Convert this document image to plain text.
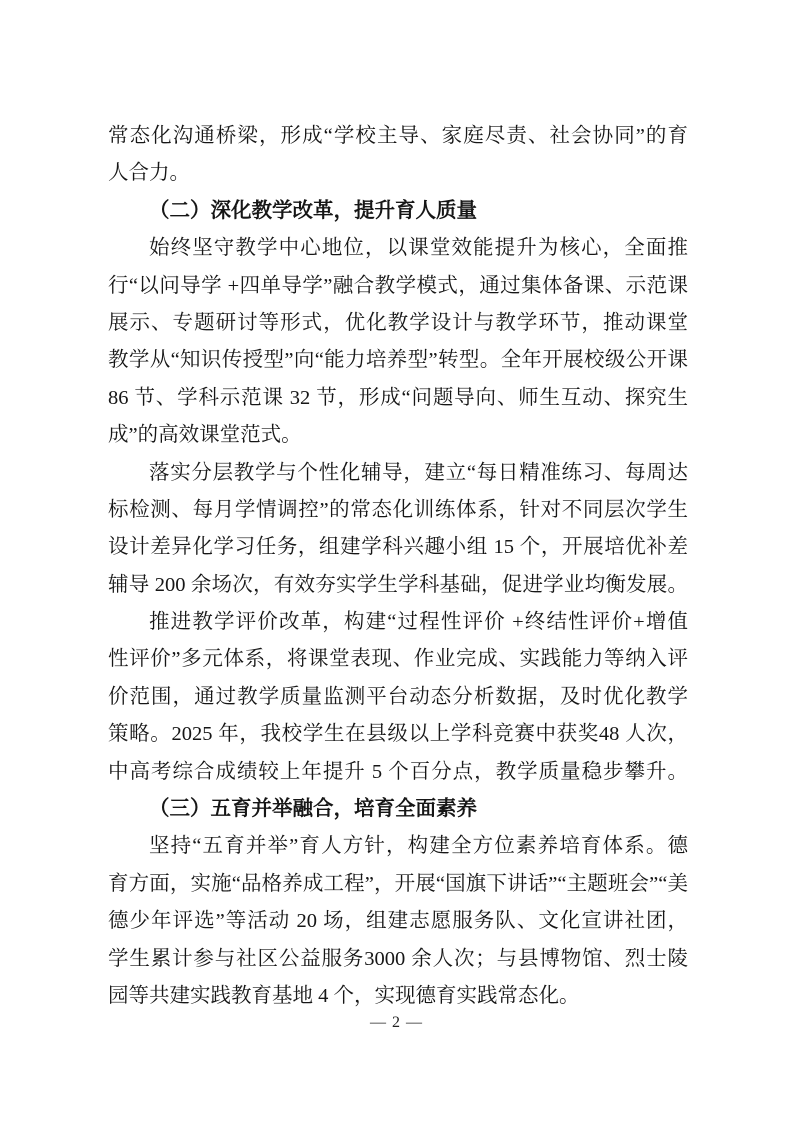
常态化沟通桥梁，形成“学校主导、家庭尽责、社会协同”的育
人合力。
（二）深化教学改革，提升育人质量
始终坚守教学中心地位，以课堂效能提升为核心，全面推
行“以问导学 +四单导学”融合教学模式，通过集体备课、示范课
展示、专题研讨等形式，优化教学设计与教学环节，推动课堂
教学从“知识传授型”向“能力培养型”转型。全年开展校级公开课
86 节、学科示范课 32 节，形成“问题导向、师生互动、探究生
成”的高效课堂范式。
落实分层教学与个性化辅导，建立“每日精准练习、每周达
标检测、每月学情调控”的常态化训练体系，针对不同层次学生
设计差异化学习任务，组建学科兴趣小组 15 个，开展培优补差
辅导 200 余场次，有效夯实学生学科基础，促进学业均衡发展。
推进教学评价改革，构建“过程性评价 +终结性评价+增值
性评价”多元体系，将课堂表现、作业完成、实践能力等纳入评
价范围，通过教学质量监测平台动态分析数据，及时优化教学
策略。2025 年，我校学生在县级以上学科竞赛中获奖48 人次，
中高考综合成绩较上年提升 5 个百分点，教学质量稳步攀升。
（三）五育并举融合，培育全面素养
坚持“五育并举”育人方针，构建全方位素养培育体系。德
育方面，实施“品格养成工程”，开展“国旗下讲话”“主题班会”“美
德少年评选”等活动 20 场，组建志愿服务队、文化宣讲社团，
学生累计参与社区公益服务3000 余人次；与县博物馆、烈士陵
园等共建实践教育基地 4 个，实现德育实践常态化。
— 2 —
